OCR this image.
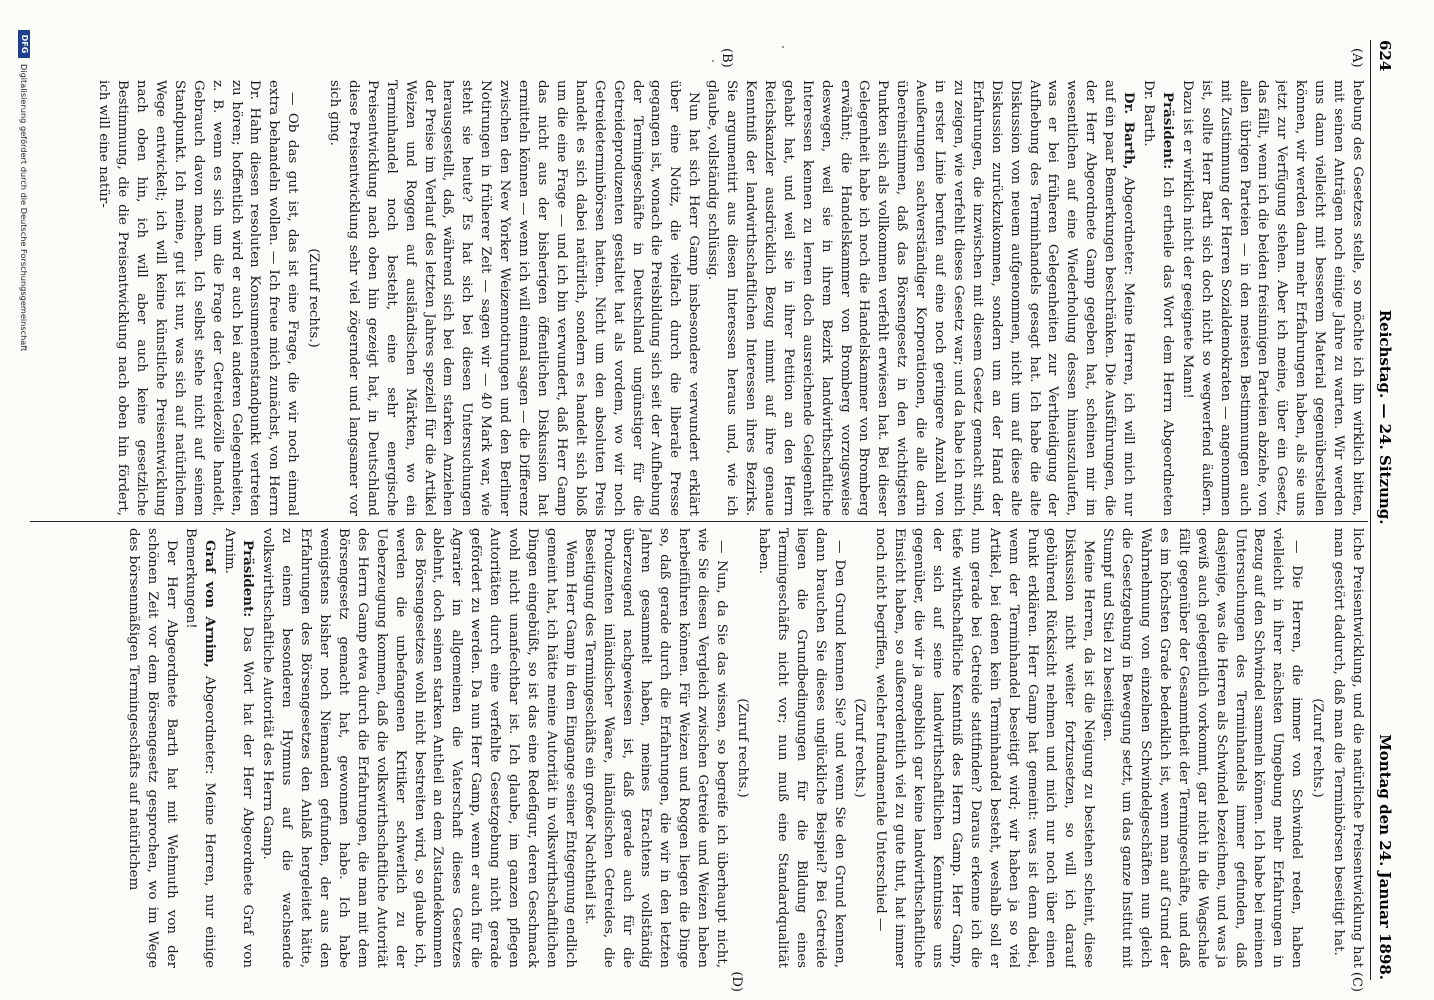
624
Reichstag. — 24. Sitzung.
Montag den 24. Januar 1898.
(A)
(B)
(C)
(D)

hebung des Gesetzes stelle, so möchte ich ihn wirklich bitten, mit seinen Anträgen noch einige Jahre zu warten. Wir werden uns dann vielleicht mit besserem Material gegenüberstellen können, wir werden dann mehr Erfahrungen haben, als sie uns jetzt zur Verfügung stehen. Aber ich meine, über ein Gesetz, das fällt, wenn ich die beiden freisinnigen Parteien abziehe, von allen übrigen Parteien — in den meisten Bestimmungen auch mit Zustimmung der Herren Sozialdemokraten — angenommen ist, sollte Herr Barth sich doch nicht so wegwerfend äußern. Dazu ist er wirklich nicht der geeignete Mann!

Präsident: Ich ertheile das Wort dem Herrn Abgeordneten Dr. Barth.

Dr. Barth, Abgeordneter: Meine Herren, ich will mich nur auf ein paar Bemerkungen beschränken. Die Ausführungen, die der Herr Abgeordnete Gamp gegeben hat, scheinen mir im wesentlichen auf eine Wiederholung dessen hinauszulaufen, was er bei früheren Gelegenheiten zur Vertheidigung der Aufhebung des Terminhandels gesagt hat. Ich habe die alte Diskussion von neuem aufgenommen, nicht um auf diese alte Diskussion zurückzukommen, sondern um an der Hand der Erfahrungen, die inzwischen mit diesem Gesetz gemacht sind, zu zeigen, wie verfehlt dieses Gesetz war; und da habe ich mich in erster Linie berufen auf eine noch geringere Anzahl von Aeußerungen sachverständiger Korporationen, die alle darin übereinstimmen, daß das Börsengesetz in den wichtigsten Punkten sich als vollkommen verfehlt erwiesen hat. Bei dieser Gelegenheit habe ich noch die Handelskammer von Bromberg erwähnt; die Handelskammer von Bromberg vorzugsweise deswegen, weil sie in ihrem Bezirk landwirthschaftliche Interessen kennen zu lernen doch ausreichende Gelegenheit gehabt hat, und weil sie in ihrer Petition an den Herrn Reichskanzler ausdrücklich Bezug nimmt auf ihre genaue Kenntniß der landwirthschaftlichen Interessen ihres Bezirks. Sie argumentirt aus diesen Interessen heraus und, wie ich glaube, vollständig schlüssig.

Nun hat sich Herr Gamp insbesondere verwundert erklärt über eine Notiz, die vielfach durch die liberale Presse gegangen ist, wonach die Preisbildung sich seit der Aufhebung der Termingeschäfte in Deutschland ungünstiger für die Getreideproduzenten gestaltet hat als vordem, wo wir noch Getreideterminbörsen hatten. Nicht um den absoluten Preis handelt es sich dabei natürlich, sondern es handelt sich bloß um die eine Frage — und ich bin verwundert, daß Herr Gamp das nicht aus der bisherigen öffentlichen Diskussion hat ermitteln können — wenn ich will einmal sagen — die Differenz zwischen den New Yorker Weizennotirungen und den Berliner Notirungen in früherer Zeit — sagen wir — 40 Mark war, wie steht sie heute? Es hat sich bei diesen Untersuchungen herausgestellt, daß, während sich bei dem starken Anziehen der Preise im Verlauf des letzten Jahres speziell für die Artikel Weizen und Roggen auf ausländischen Märkten, wo ein Terminhandel noch besteht, eine sehr energische Preisentwicklung nach oben hin gezeigt hat, in Deutschland diese Preisentwicklung sehr viel zögernder und langsamer vor sich ging.

(Zuruf rechts.)

— Ob das gut ist, das ist eine Frage, die wir noch einmal extra behandeln wollen. — Ich freue mich zunächst, von Herrn Dr. Hahn diesen resoluten Konsumentenstandpunkt vertreten zu hören; hoffentlich wird er auch bei anderen Gelegenheiten, z. B. wenn es sich um die Frage der Getreidezölle handelt, Gebrauch davon machen. Ich selbst stehe nicht auf seinem Standpunkt. Ich meine, gut ist nur, was sich auf natürlichem Wege entwickelt; ich will keine künstliche Preisentwicklung nach oben hin, ich will aber auch keine gesetzliche Bestimmung, die die Preisentwicklung nach oben hin fördert, ich will eine natür-

liche Preisentwicklung, und die natürliche Preisentwicklung hat man gestört dadurch, daß man die Terminbörsen beseitigt hat.

(Zuruf rechts.)

— Die Herren, die immer von Schwindel reden, haben vielleicht in ihrer nächsten Umgebung mehr Erfahrungen in Bezug auf den Schwindel sammeln können. Ich habe bei meinen Untersuchungen des Terminhandels immer gefunden, daß dasjenige, was die Herren als Schwindel bezeichnen, und was ja gewiß auch gelegentlich vorkommt, gar nicht in die Wagschale fällt gegenüber der Gesammtheit der Termingeschäfte, und daß es im höchsten Grade bedenklich ist, wenn man auf Grund der Wahrnehmung von einzelnen Schwindelgeschäften nun gleich die Gesetzgebung in Bewegung setzt, um das ganze Institut mit Stumpf und Stiel zu beseitigen.

Meine Herren, da ist die Neigung zu bestehen scheint, diese Diskussion nicht weiter fortzusetzen, so will ich darauf gebührend Rücksicht nehmen und mich nur noch über einen Punkt erklären. Herr Gamp hat gemeint: was ist denn dabei, wenn der Terminhandel beseitigt wird; wir haben ja so viel Artikel, bei denen kein Terminhandel besteht, weshalb soll er nun gerade bei Getreide stattfinden? Daraus erkenne ich die tiefe wirthschaftliche Kenntniß des Herrn Gamp. Herr Gamp, der sich auf seine landwirthschaftlichen Kenntnisse uns gegenüber, die wir ja angeblich gar keine landwirthschaftliche Einsicht haben, so außerordentlich viel zu gute thut, hat immer noch nicht begriffen, welcher fundamentale Unterschied —

(Zuruf rechts.)

— Den Grund kennen Sie? und wenn Sie den Grund kennen, dann brauchen Sie dieses unglückliche Beispiel? Bei Getreide liegen die Grundbedingungen für die Bildung eines Termingeschäfts nicht vor; nun muß eine Standardqualität haben.

(Zuruf rechts.)

— Nun, da Sie das wissen, so begreife ich überhaupt nicht, wie Sie diesen Vergleich zwischen Getreide und Weizen haben herbeiführen können. Für Weizen und Roggen liegen die Dinge so, daß gerade durch die Erfahrungen, die wir in den letzten Jahren gesammelt haben, meines Erachtens vollständig überzeugend nachgewiesen ist, daß gerade auch für die Produzenten inländischer Waare, inländischen Getreides, die Beseitigung des Termingeschäfts ein großer Nachtheil ist.

Wenn Herr Gamp in dem Eingange seiner Entgegnung endlich gemeint hat, ich hätte meine Autorität in volkswirthschaftlichen Dingen eingebüßt, so ist das eine Redefigur, deren Geschmack wohl nicht unanfechtbar ist. Ich glaube, im ganzen pflegen Autoritäten durch eine verfehlte Gesetzgebung nicht gerade gefördert zu werden. Da nun Herr Gamp, wenn er auch für die Agrarier im allgemeinen die Vaterschaft dieses Gesetzes ablehnt, doch seinen starken Antheil an dem Zustandekommen des Börsengesetzes wohl nicht bestreiten wird, so glaube ich, werden die unbefangenen Kritiker schwerlich zu der Ueberzeugung kommen, daß die volkswirthschaftliche Autorität des Herrn Gamp etwa durch die Erfahrungen, die man mit dem Börsengesetz gemacht hat, gewonnen habe. Ich habe wenigstens bisher noch Niemanden gefunden, der aus den Erfahrungen des Börsengesetzes den Anlaß hergeleitet hätte, zu einem besonderen Hymnus auf die wachsende volkswirthschaftliche Autorität des Herrn Gamp.

Präsident: Das Wort hat der Herr Abgeordnete Graf von Arnim.

Graf von Arnim, Abgeordneter: Meine Herren, nur einige Bemerkungen!

Der Herr Abgeordnete Barth hat mit Wehmuth von der schönen Zeit vor dem Börsengesetz gesprochen, wo im Wege des börsenmäßigen Termingeschäfts auf natürlichem

DFG
Digitalisierung gefördert durch die Deutsche Forschungsgemeinschaft
